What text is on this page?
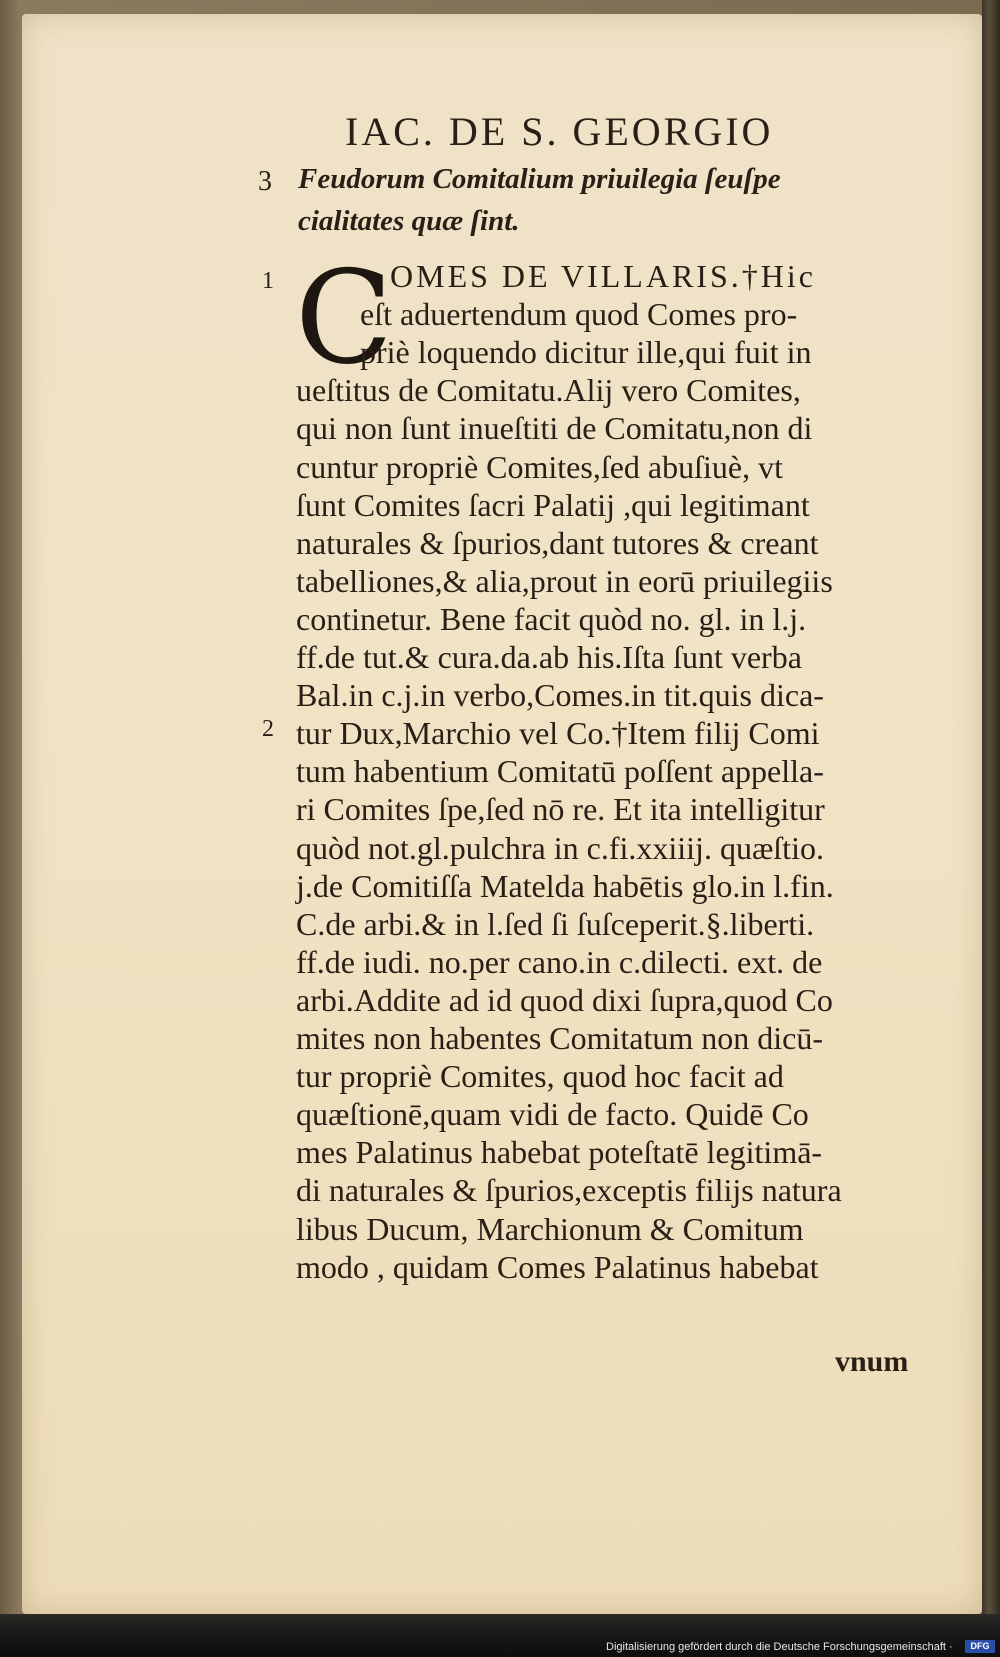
IAC. DE S. GEORGIO
3 Feudorum Comitalium priuilegia ſeuſpe
cialitates quæ ſint.
1
2
C
OMES DE VILLARIS.†Hic
eſt aduertendum quod Comes pro-
priè loquendo dicitur ille,qui fuit in
ueſtitus de Comitatu.Alij vero Comites,
qui non ſunt inueſtiti de Comitatu,non di
cuntur propriè Comites,ſed abuſiuè, vt
ſunt Comites ſacri Palatij ,qui legitimant
naturales & ſpurios,dant tutores & creant
tabelliones,& alia,prout in eorū priuilegiis
continetur. Bene facit quòd no. gl. in l.j.
ff.de tut.& cura.da.ab his.Iſta ſunt verba
Bal.in c.j.in verbo,Comes.in tit.quis dica-
tur Dux,Marchio vel Co.†Item filij Comi
tum habentium Comitatū poſſent appella-
ri Comites ſpe,ſed nō re. Et ita intelligitur
quòd not.gl.pulchra in c.fi.xxiiij. quæſtio.
j.de Comitiſſa Matelda habētis glo.in l.fin.
C.de arbi.& in l.ſed ſi ſuſceperit.§.liberti.
ff.de iudi. no.per cano.in c.dilecti. ext. de
arbi.Addite ad id quod dixi ſupra,quod Co
mites non habentes Comitatum non dicū-
tur propriè Comites, quod hoc facit ad
quæſtionē,quam vidi de facto. Quidē Co
mes Palatinus habebat poteſtatē legitimā-
di naturales & ſpurios,exceptis filijs natura
libus Ducum, Marchionum & Comitum
modo , quidam Comes Palatinus habebat
vnum
Digitalisierung gefördert durch die Deutsche Forschungsgemeinschaft ·	DFG
